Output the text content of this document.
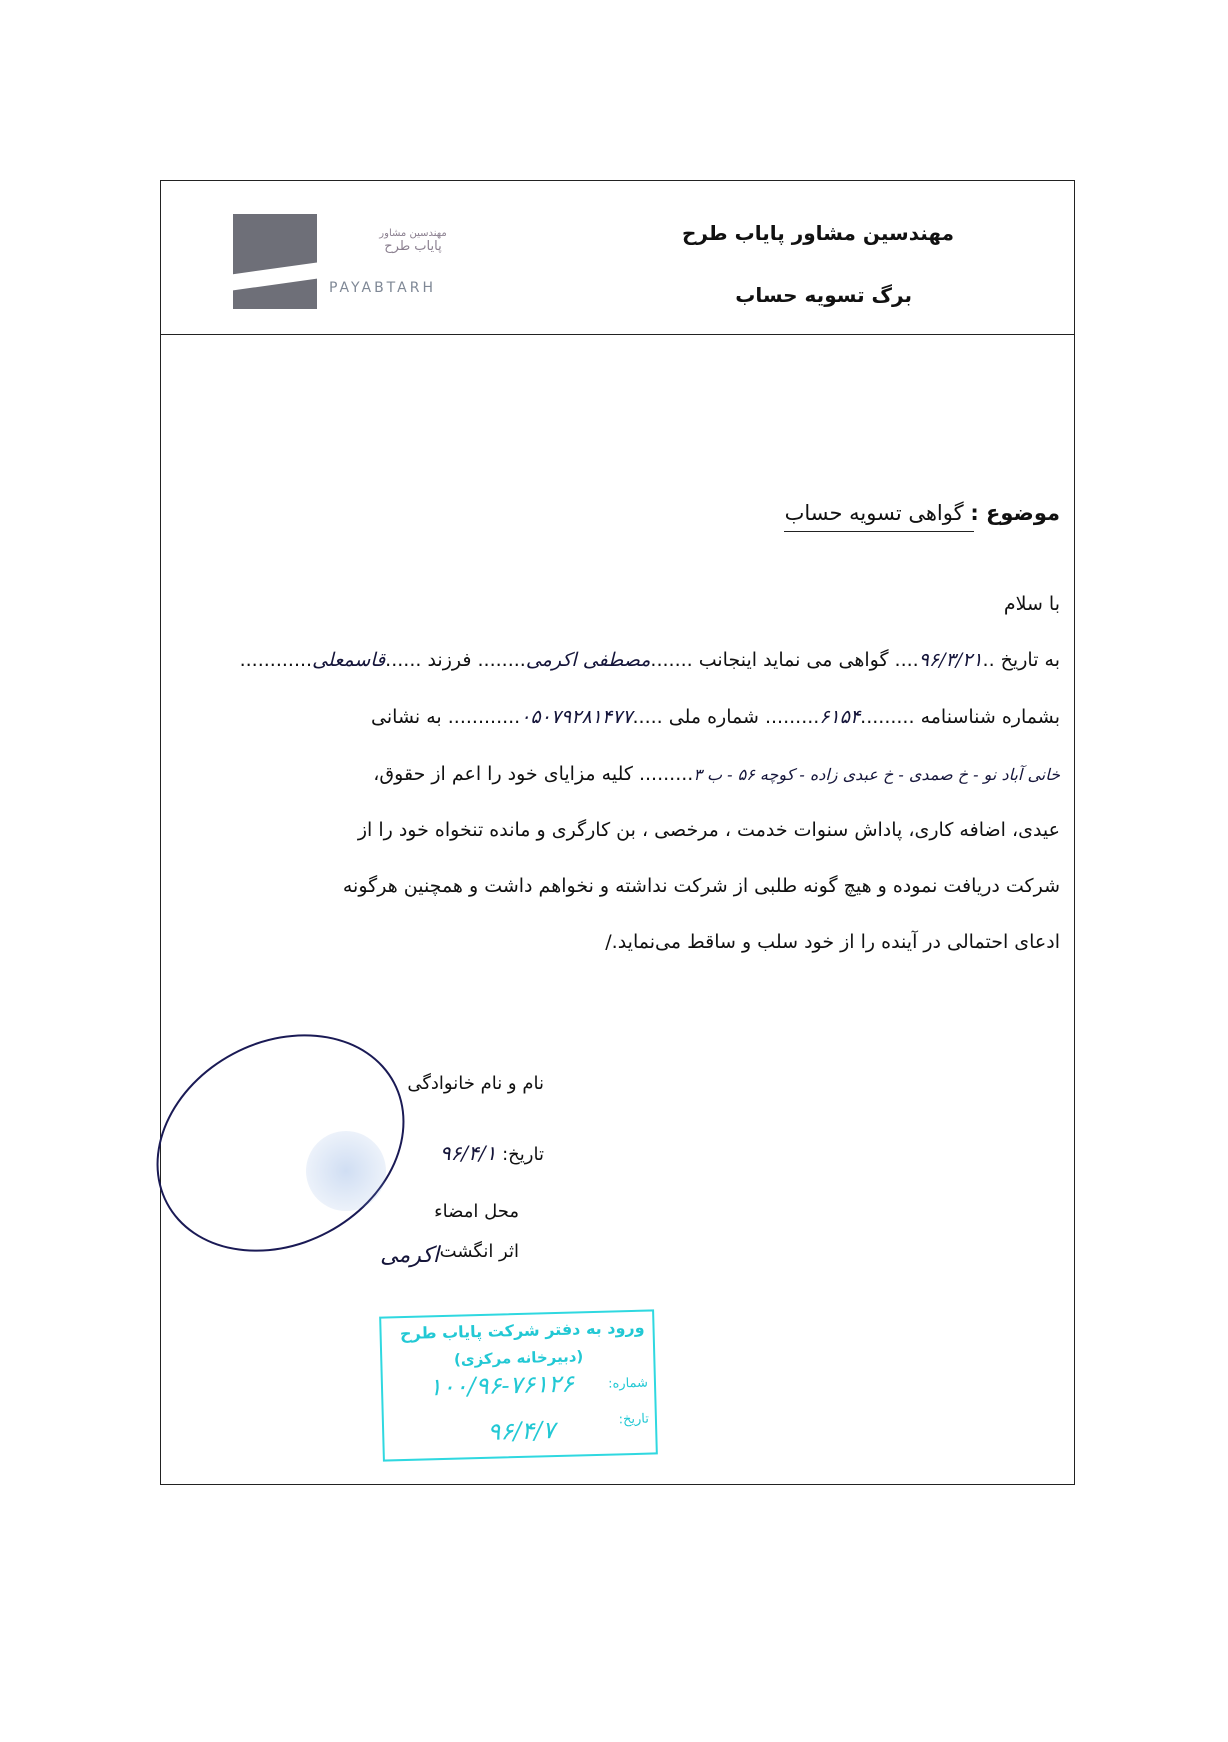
مهندسین مشاور
پایاب طرح
PAYABTARH
مهندسین مشاور پایاب طرح
برگ تسویه حساب
موضوع : گواهی تسویه حساب
با سلام
به تاریخ ..۹۶/۳/۲۱.... گواهی می نماید اینجانب .......مصطفی اکرمی........ فرزند ......قاسمعلی............
بشماره شناسنامه .........۶۱۵۴......... شماره ملی .....۰۵۰۷۹۲۸۱۴۷۷............ به نشانی
خانی آباد نو - خ صمدی - خ عبدی زاده - کوچه ۵۶ - ب ۳......... کلیه مزایای خود را اعم از حقوق،
عیدی، اضافه کاری، پاداش سنوات خدمت ، مرخصی ، بن کارگری و مانده تنخواه خود را از
شرکت دریافت نموده و هیچ گونه طلبی از شرکت نداشته و نخواهم داشت و همچنین هرگونه
ادعای احتمالی در آینده را از خود سلب و ساقط می‌نماید./
نام و نام خانوادگی
تاریخ: ۹۶/۴/۱
محل امضاء
اثر انگشت
اکرمی
ورود به دفتر شرکت پایاب طرح
(دبیرخانه مرکزی)
شماره:
۱۰۰/۹۶-۷۶۱۲۶
تاریخ:
۹۶/۴/۷
